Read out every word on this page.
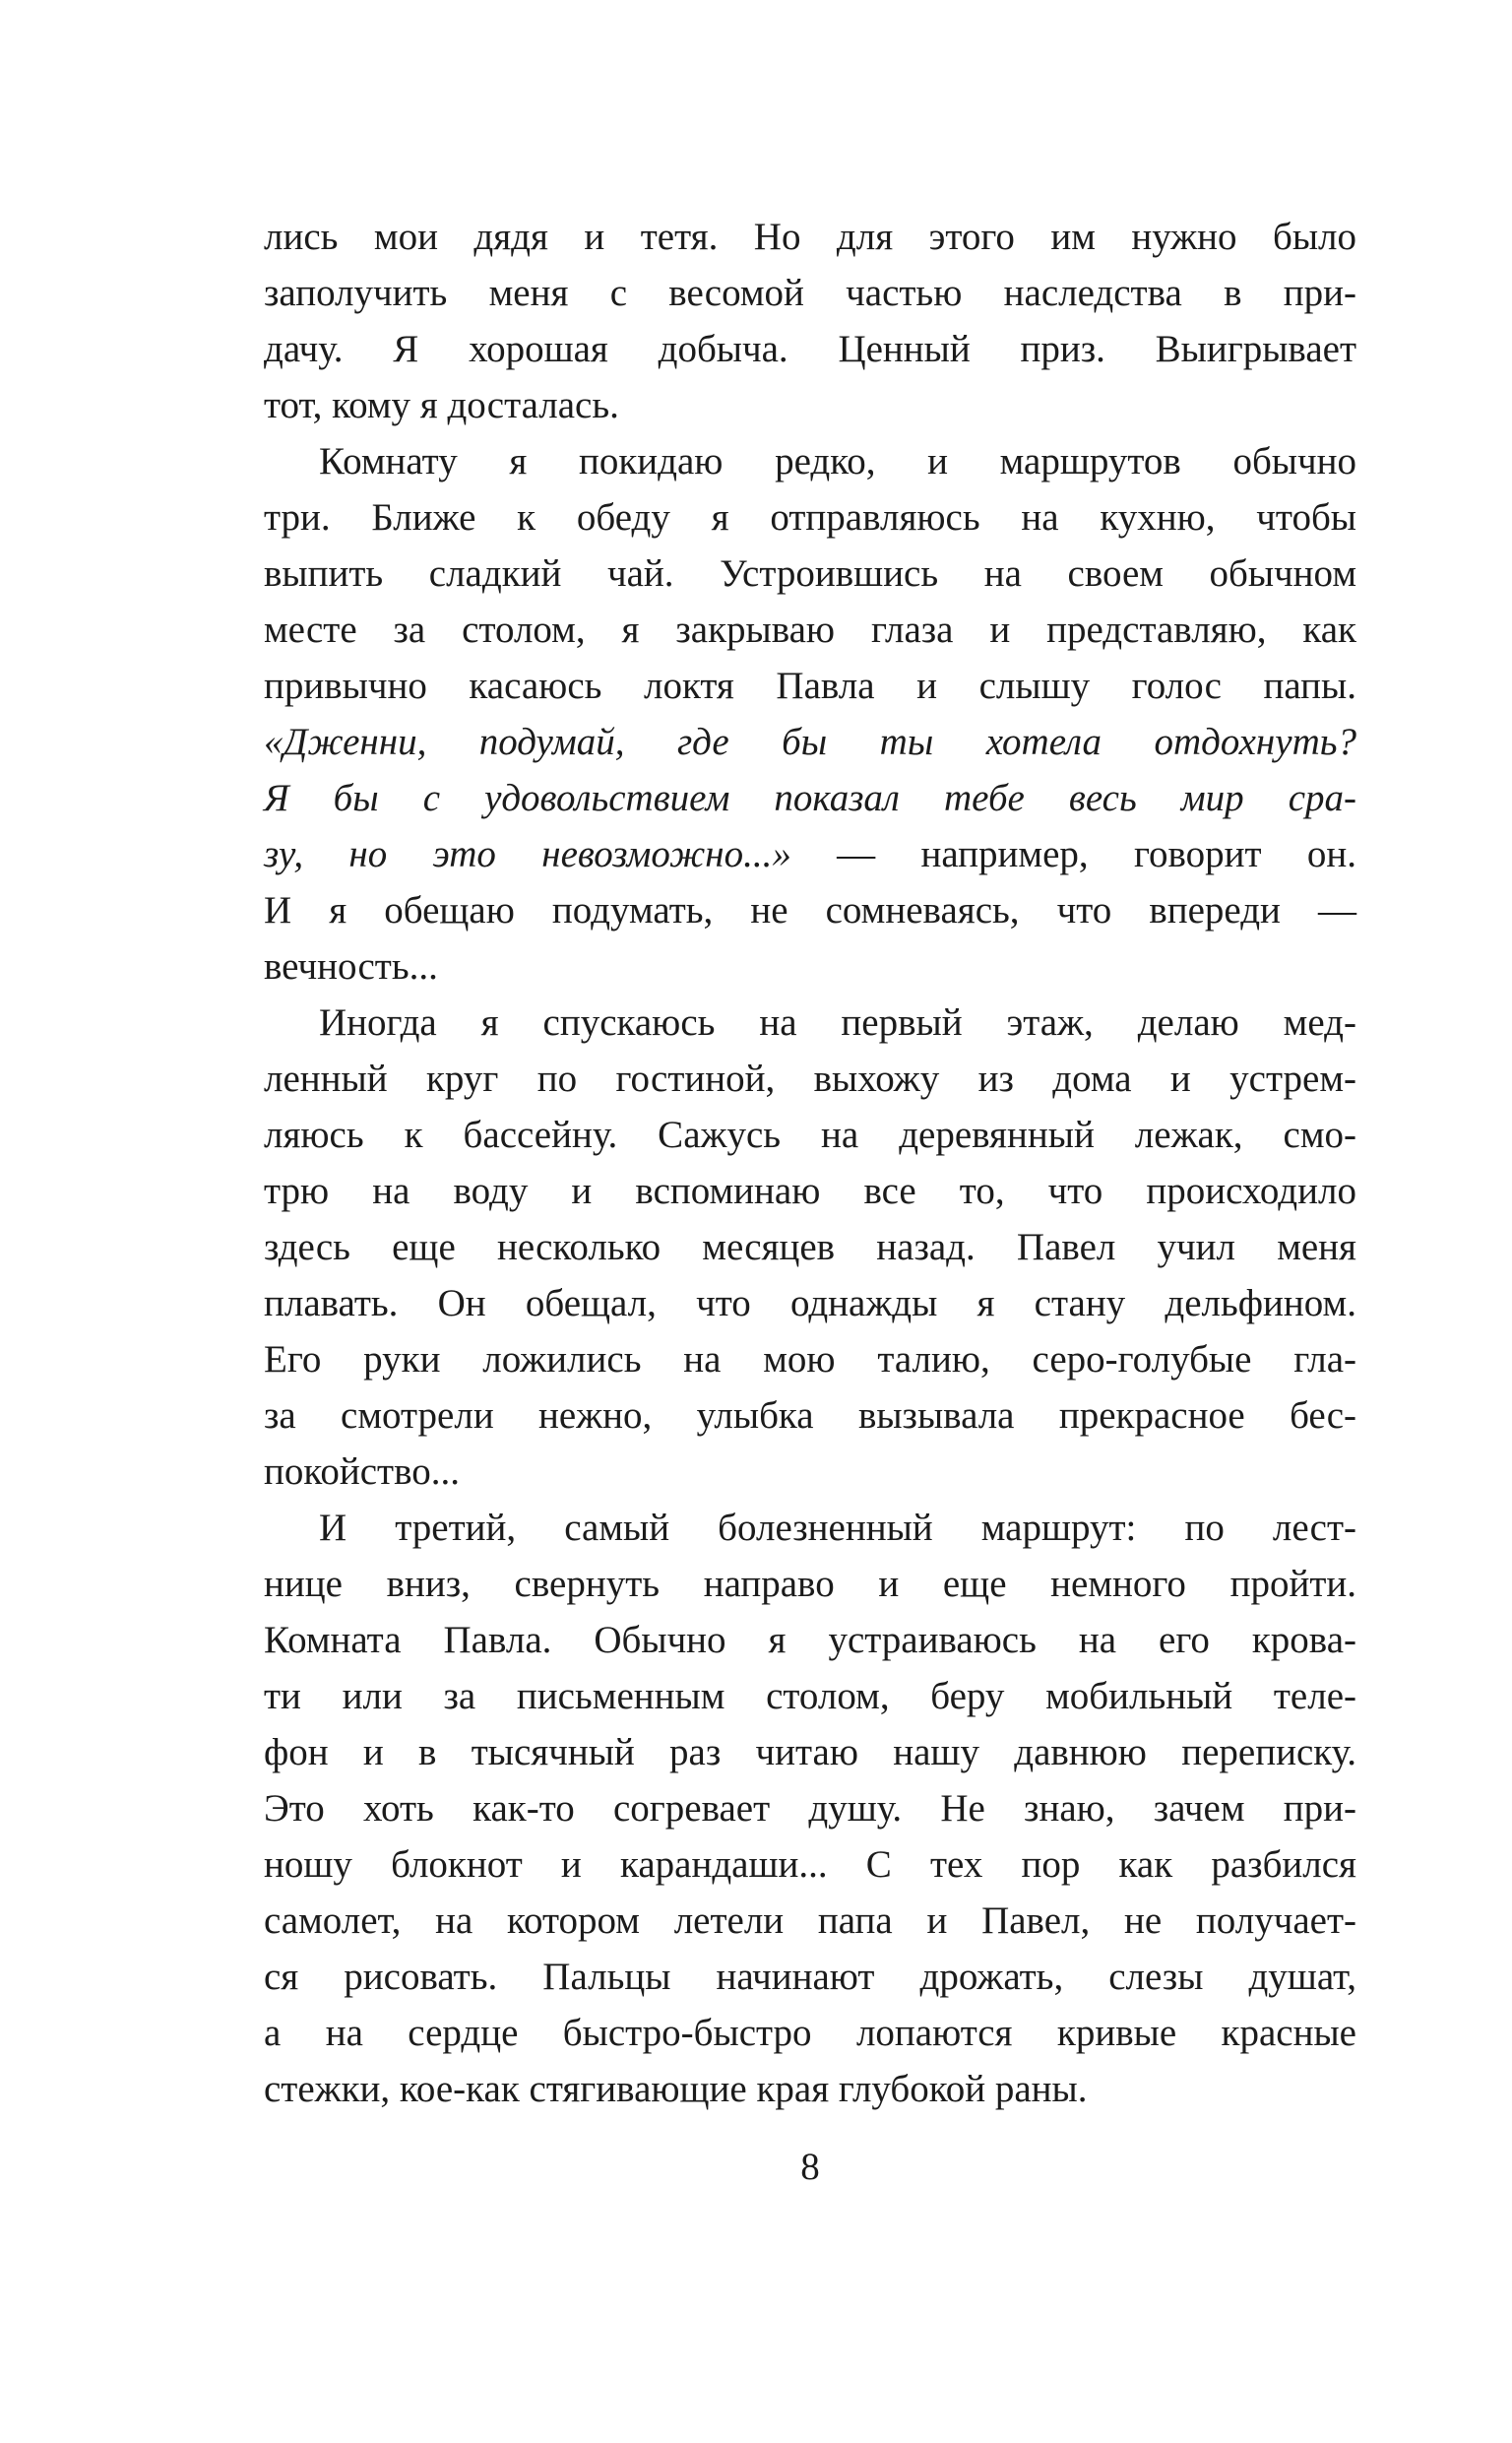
лись мои дядя и тетя. Но для этого им нужно было
заполучить меня с весомой частью наследства в при-
дачу. Я хорошая добыча. Ценный приз. Выигрывает
тот, кому я досталась.
Комнату я покидаю редко, и маршрутов обычно
три. Ближе к обеду я отправляюсь на кухню, чтобы
выпить сладкий чай. Устроившись на своем обычном
месте за столом, я закрываю глаза и представляю, как
привычно касаюсь локтя Павла и слышу голос папы.
«Дженни, подумай, где бы ты хотела отдохнуть?
Я бы с удовольствием показал тебе весь мир сра-
зу, но это невозможно...» — например, говорит он.
И я обещаю подумать, не сомневаясь, что впереди —
вечность...
Иногда я спускаюсь на первый этаж, делаю мед-
ленный круг по гостиной, выхожу из дома и устрем-
ляюсь к бассейну. Сажусь на деревянный лежак, смо-
трю на воду и вспоминаю все то, что происходило
здесь еще несколько месяцев назад. Павел учил меня
плавать. Он обещал, что однажды я стану дельфином.
Его руки ложились на мою талию, серо-голубые гла-
за смотрели нежно, улыбка вызывала прекрасное бес-
покойство...
И третий, самый болезненный маршрут: по лест-
нице вниз, свернуть направо и еще немного пройти.
Комната Павла. Обычно я устраиваюсь на его крова-
ти или за письменным столом, беру мобильный теле-
фон и в тысячный раз читаю нашу давнюю переписку.
Это хоть как-то согревает душу. Не знаю, зачем при-
ношу блокнот и карандаши... С тех пор как разбился
самолет, на котором летели папа и Павел, не получает-
ся рисовать. Пальцы начинают дрожать, слезы душат,
а на сердце быстро-быстро лопаются кривые красные
стежки, кое-как стягивающие края глубокой раны.
8
